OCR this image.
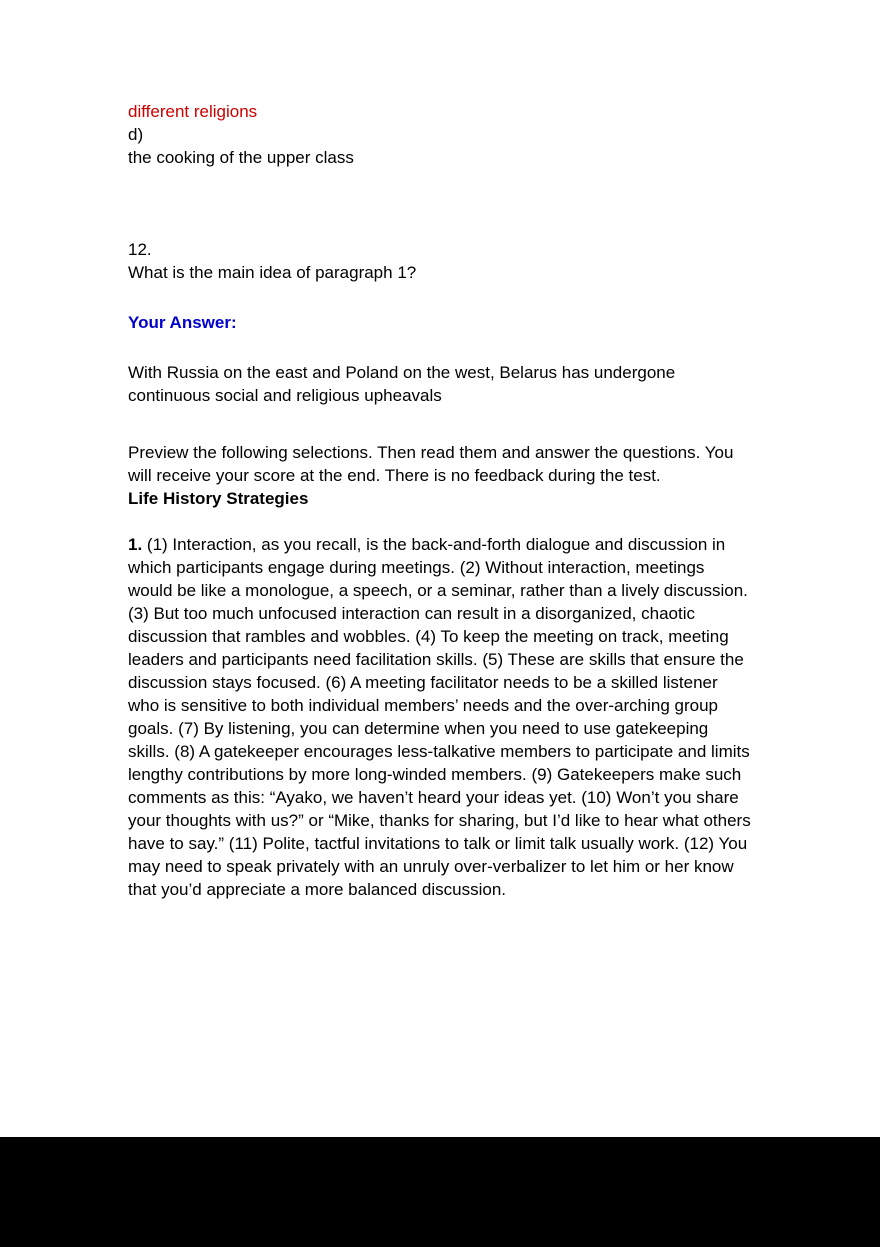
different religions
d)
the cooking of the upper class
12.
What is the main idea of paragraph 1?
Your Answer:
With Russia on the east and Poland on the west, Belarus has undergone continuous social and religious upheavals
Preview the following selections. Then read them and answer the questions. You will receive your score at the end. There is no feedback during the test.
Life History Strategies
1. (1) Interaction, as you recall, is the back-and-forth dialogue and discussion in which participants engage during meetings. (2) Without interaction, meetings would be like a monologue, a speech, or a seminar, rather than a lively discussion. (3) But too much unfocused interaction can result in a disorganized, chaotic discussion that rambles and wobbles. (4) To keep the meeting on track, meeting leaders and participants need facilitation skills. (5) These are skills that ensure the discussion stays focused. (6) A meeting facilitator needs to be a skilled listener who is sensitive to both individual members’ needs and the over-arching group goals. (7) By listening, you can determine when you need to use gatekeeping skills. (8) A gatekeeper encourages less-talkative members to participate and limits lengthy contributions by more long-winded members. (9) Gatekeepers make such comments as this: “Ayako, we haven’t heard your ideas yet. (10) Won’t you share your thoughts with us?” or “Mike, thanks for sharing, but I’d like to hear what others have to say.” (11) Polite, tactful invitations to talk or limit talk usually work. (12) You may need to speak privately with an unruly over-verbalizer to let him or her know that you’d appreciate a more balanced discussion.
